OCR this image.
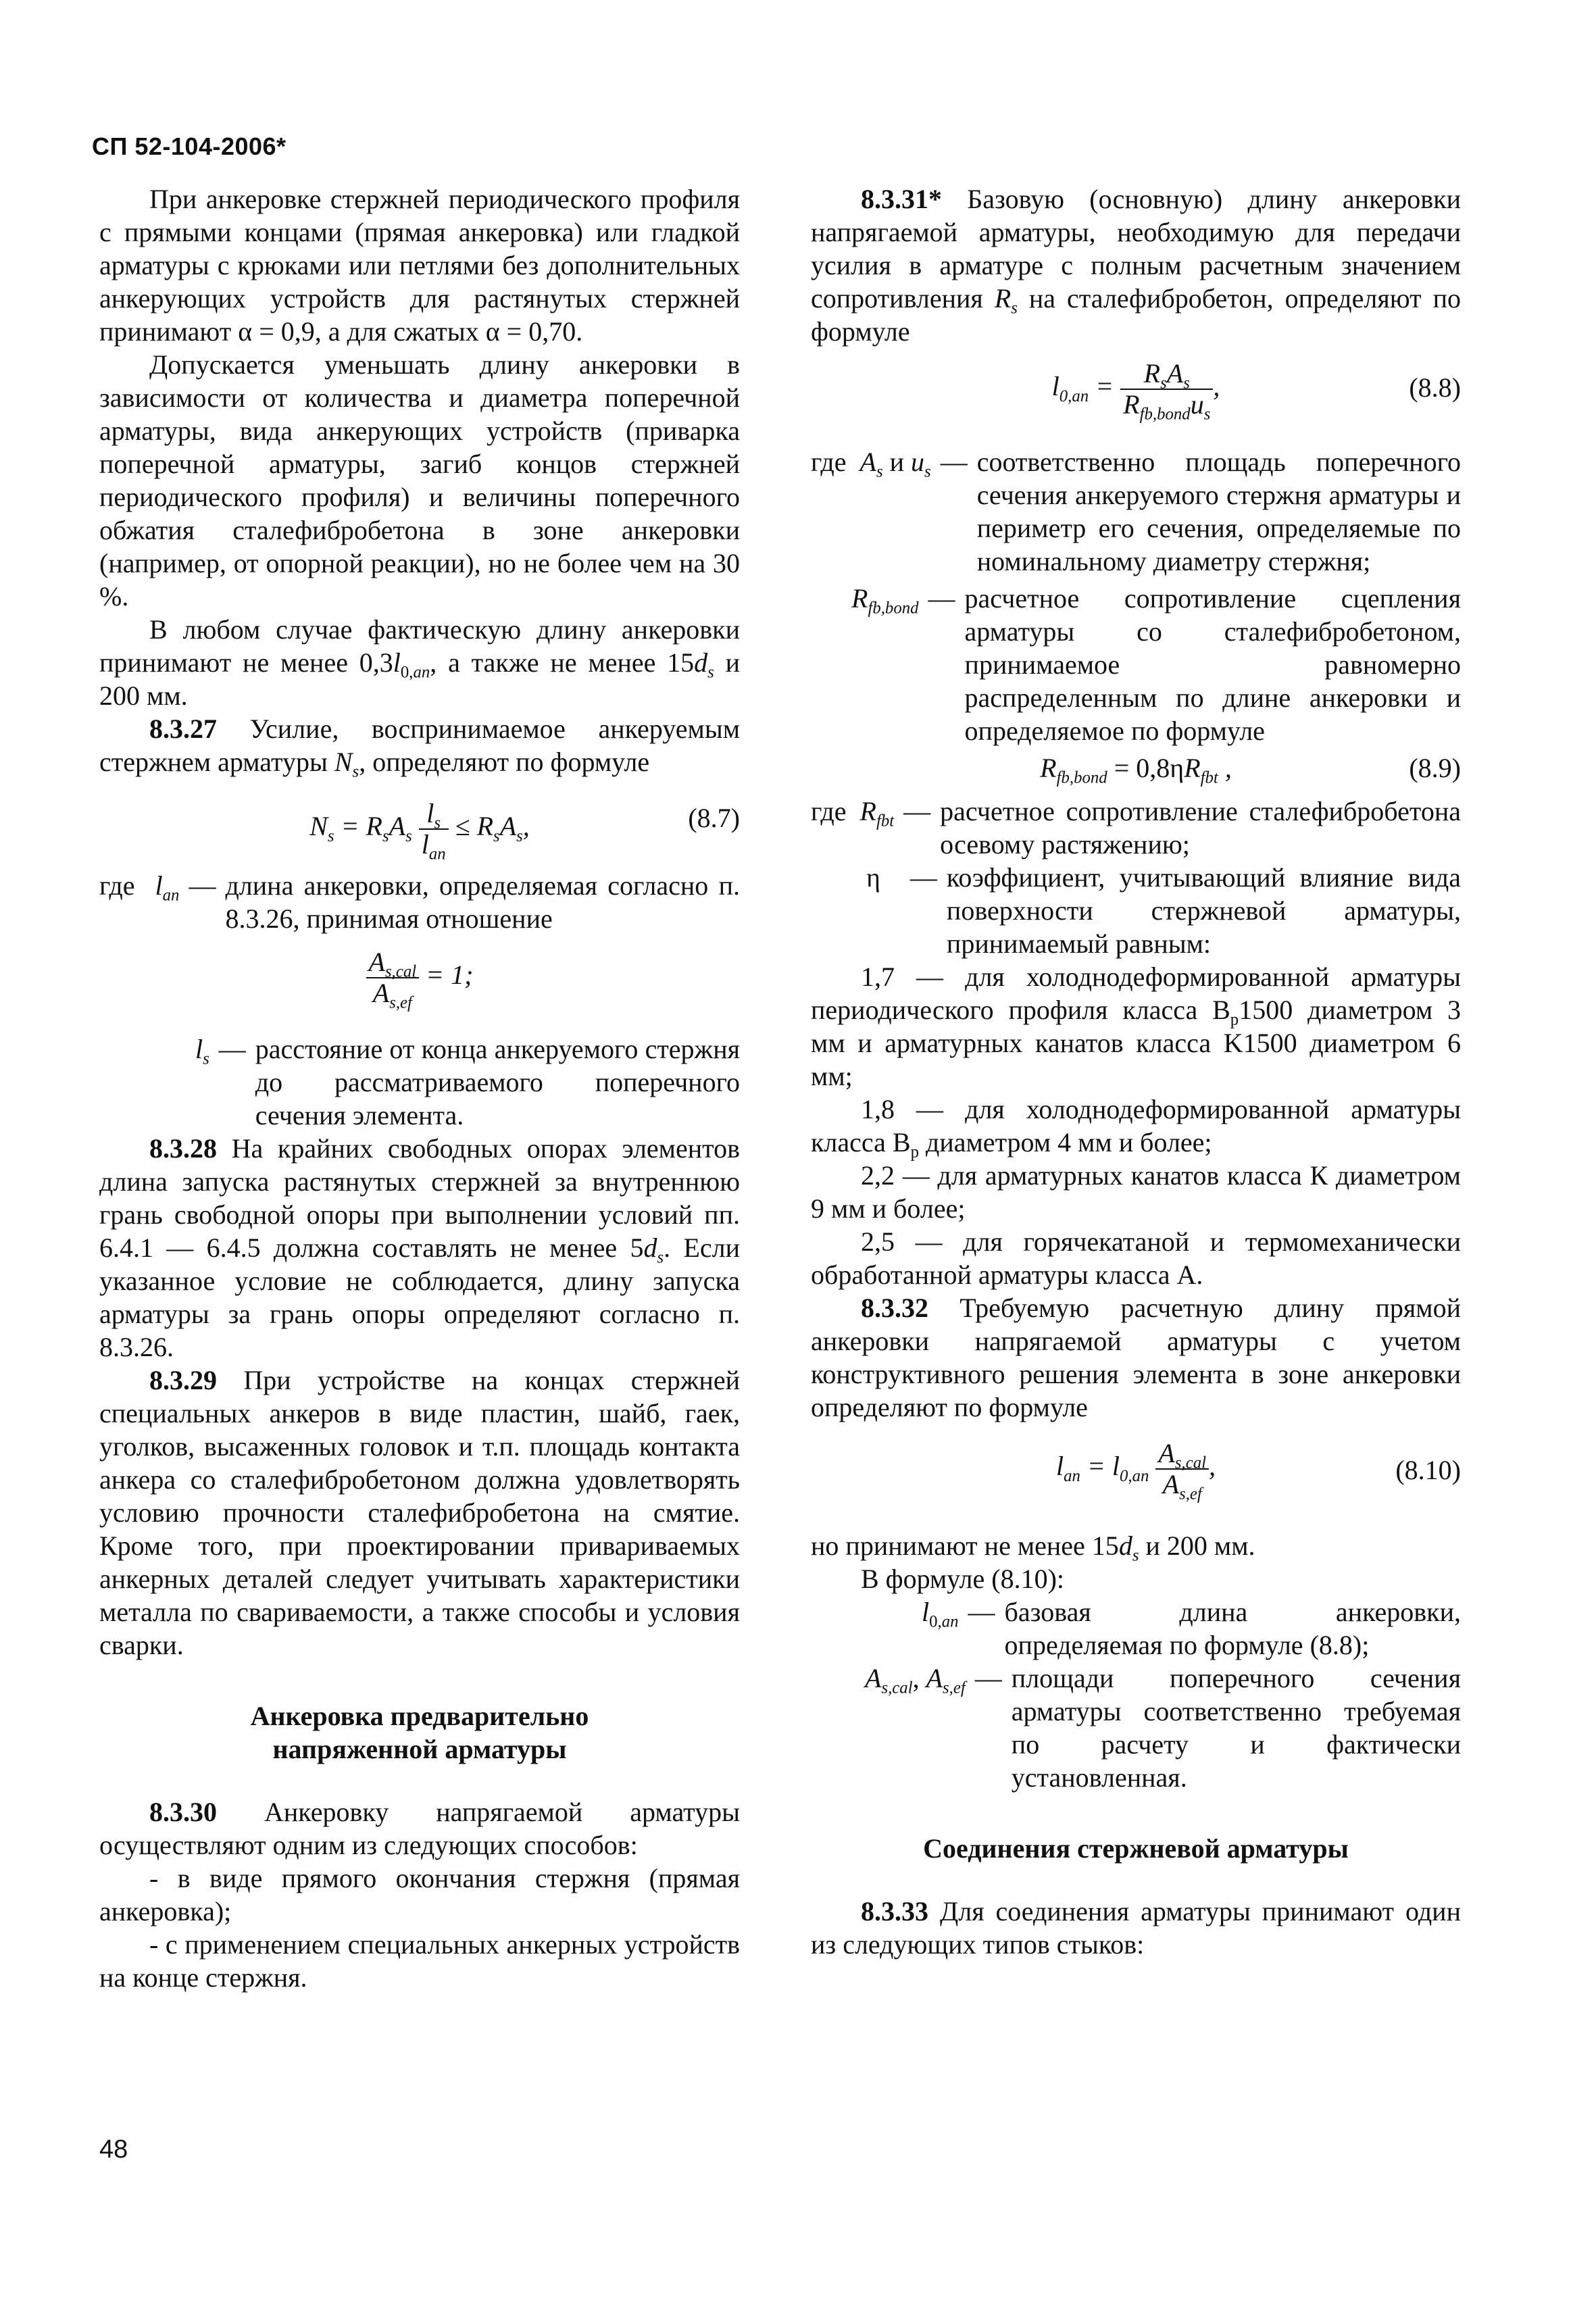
СП 52-104-2006*

При анкеровке стержней периодического профиля с прямыми концами (прямая анкеровка) или гладкой арматуры с крюками или петлями без дополнительных анкерующих устройств для растянутых стержней принимают α = 0,9, а для сжатых α = 0,70.

Допускается уменьшать длину анкеровки в зависимости от количества и диаметра поперечной арматуры, вида анкерующих устройств (приварка поперечной арматуры, загиб концов стержней периодического профиля) и величины поперечного обжатия сталефибробетона в зоне анкеровки (например, от опорной реакции), но не более чем на 30 %.

В любом случае фактическую длину анкеровки принимают не менее $0,3l_{0,an}$, а также не менее $15d_s$ и 200 мм.

8.3.27 Усилие, воспринимаемое анкеруемым стержнем арматуры $N_s$, определяют по формуле

$N_s = R_sA_s \frac{l_s}{l_{an}} \le R_sA_s$,	(8.7)
где $l_{an}$ — длина анкеровки, определяемая согласно п. 8.3.26, принимая отношение
$\frac{A_{s,cal}}{A_{s,ef}} = 1$;
$l_s$ — расстояние от конца анкеруемого стержня до рассматриваемого поперечного сечения элемента.

8.3.28 На крайних свободных опорах элементов длина запуска растянутых стержней за внутреннюю грань свободной опоры при выполнении условий пп. 6.4.1 — 6.4.5 должна составлять не менее $5d_s$. Если указанное условие не соблюдается, длину запуска арматуры за грань опоры определяют согласно п. 8.3.26.

8.3.29 При устройстве на концах стержней специальных анкеров в виде пластин, шайб, гаек, уголков, высаженных головок и т.п. площадь контакта анкера со сталефибробетоном должна удовлетворять условию прочности сталефибробетона на смятие. Кроме того, при проектировании привариваемых анкерных деталей следует учитывать характеристики металла по свариваемости, а также способы и условия сварки.

Анкеровка предварительно
напряженной арматуры

8.3.30 Анкеровку напрягаемой арматуры осуществляют одним из следующих способов:

- в виде прямого окончания стержня (прямая анкеровка);

- с применением специальных анкерных устройств на конце стержня.

8.3.31* Базовую (основную) длину анкеровки напрягаемой арматуры, необходимую для передачи усилия в арматуре с полным расчетным значением сопротивления $R_s$ на сталефибробетон, определяют по формуле

$l_{0,an} = \frac{R_sA_s}{R_{fb,bond}u_s}$ ,	(8.8)
где $A_s$ и $u_s$ — соответственно площадь поперечного сечения анкеруемого стержня арматуры и периметр его сечения, определяемые по номинальному диаметру стержня;
$R_{fb,bond}$ — расчетное сопротивление сцепления арматуры со сталефибробетоном, принимаемое равномерно распределенным по длине анкеровки и определяемое по формуле
$R_{fb,bond} = 0,8\eta R_{fbt}$ ,	(8.9)
где $R_{fbt}$ — расчетное сопротивление сталефибробетона осевому растяжению;
η — коэффициент, учитывающий влияние вида поверхности стержневой арматуры, принимаемый равным:

1,7 — для холоднодеформированной арматуры периодического профиля класса $B_p1500$ диаметром 3 мм и арматурных канатов класса K1500 диаметром 6 мм;

1,8 — для холоднодеформированной арматуры класса $B_p$ диаметром 4 мм и более;

2,2 — для арматурных канатов класса К диаметром 9 мм и более;

2,5 — для горячекатаной и термомеханически обработанной арматуры класса А.

8.3.32 Требуемую расчетную длину прямой анкеровки напрягаемой арматуры с учетом конструктивного решения элемента в зоне анкеровки определяют по формуле

$l_{an} = l_{0,an} \frac{A_{s,cal}}{A_{s,ef}}$ ,	(8.10)

но принимают не менее $15d_s$ и 200 мм.

В формуле (8.10):

$l_{0,an}$ — базовая длина анкеровки, определяемая по формуле (8.8);
$A_{s,cal}$, $A_{s,ef}$ — площади поперечного сечения арматуры соответственно требуемая по расчету и фактически установленная.
Соединения стержневой арматуры

8.3.33 Для соединения арматуры принимают один из следующих типов стыков:

48
